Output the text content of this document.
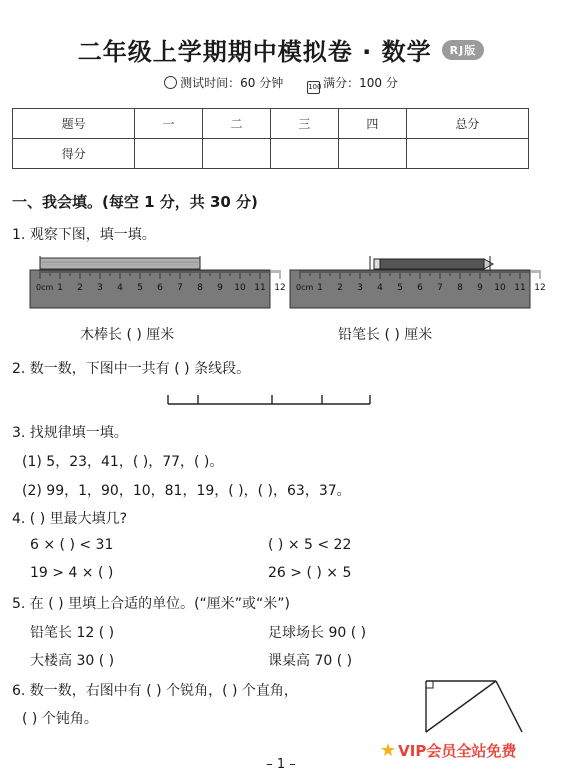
二年级上学期期中模拟卷 · 数学 RJ版
测试时间：60 分钟	100 满分：100 分
题号	一	二	三	四	总分
得分					
一、我会填。(每空 1 分，共 30 分)
1. 观察下图，填一填。
0cm 1 2 3 4 5 6 7 8 9 10 11 12 0cm 1 2 3 4 5 6 7 8 9 10 11 12
木棒长 ( ) 厘米	铅笔长 ( ) 厘米
2. 数一数，下图中一共有 ( ) 条线段。
3. 找规律填一填。
(1) 5，23，41，( )，77，( )。
(2) 99，1，90，10，81，19，( )，( )，63，37。
4. ( ) 里最大填几?
6 × ( ) < 31	( ) × 5 < 22
19 > 4 × ( )	26 > ( ) × 5
5. 在 ( ) 里填上合适的单位。(“厘米”或“米”)
铅笔长 12 ( )	足球场长 90 ( )
大楼高 30 ( )	课桌高 70 ( )
6. 数一数，右图中有 ( ) 个锐角，( ) 个直角，
( ) 个钝角。
– 1 –
★ VIP会员全站免费
